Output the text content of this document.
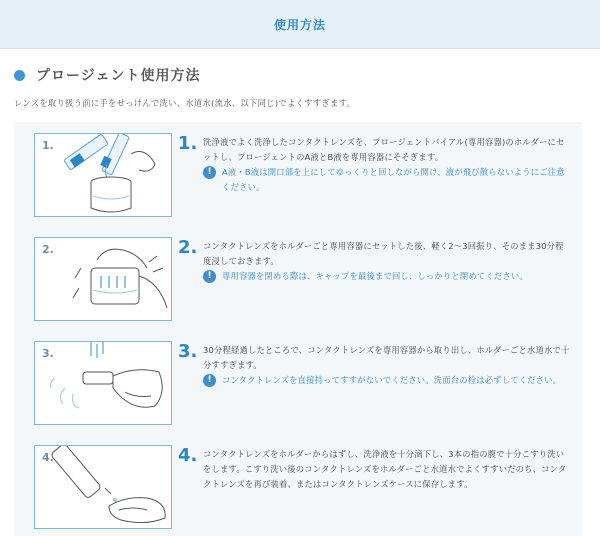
使用方法
プロージェント使用方法
レンズを取り扱う前に手をせっけんで洗い、水道水(流水、以下同じ)でよくすすぎます。
1.	1. 洗浄液でよく洗浄したコンタクトレンズを、プロージェントバイアル(専用容器)のホルダーにセットし、プロージェントのA液とB液を専用容器にそそぎます。
!	A液・B液は開口部を上にしてゆっくりと回しながら開け、液が飛び散らないようにご注意ください。
2.	2. コンタクトレンズをホルダーごと専用容器にセットした後、軽く2～3回振り、そのまま30分程度浸しておきます。
!	専用容器を閉める際は、キャップを最後まで回し、しっかりと閉めてください。
3.	3. 30分程経過したところで、コンタクトレンズを専用容器から取り出し、ホルダーごと水道水で十分すすぎます。
!	コンタクトレンズを直接持ってすすがないでください。洗面台の栓は必ずしてください。
4.	4. コンタクトレンズをホルダーからはずし、洗浄液を十分滴下し、3本の指の腹で十分こすり洗いをします。こすり洗い後のコンタクトレンズをホルダーごと水道水でよくすすいだのち、コンタクトレンズを再び装着、またはコンタクトレンズケースに保存します。
